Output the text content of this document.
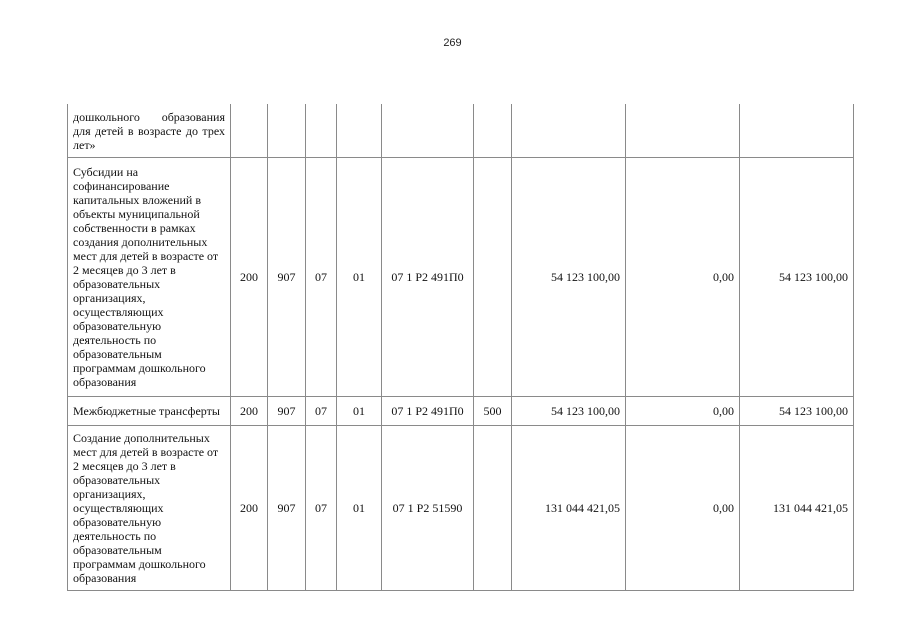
269
дошкольного образования для детей в возрасте до трех лет»									
Субсидии на софинансирование капитальных вложений в объекты муниципальной собственности в рамках создания дополнительных мест для детей в возрасте от 2 месяцев до 3 лет в образовательных организациях, осуществляющих образовательную деятельность по образовательным программам дошкольного образования	200	907	07	01	07 1 P2 491П0		54 123 100,00	0,00	54 123 100,00
Межбюджетные трансферты	200	907	07	01	07 1 P2 491П0	500	54 123 100,00	0,00	54 123 100,00
Создание дополнительных мест для детей в возрасте от 2 месяцев до 3 лет в образовательных организациях, осуществляющих образовательную деятельность по образовательным программам дошкольного образования	200	907	07	01	07 1 P2 51590		131 044 421,05	0,00	131 044 421,05
